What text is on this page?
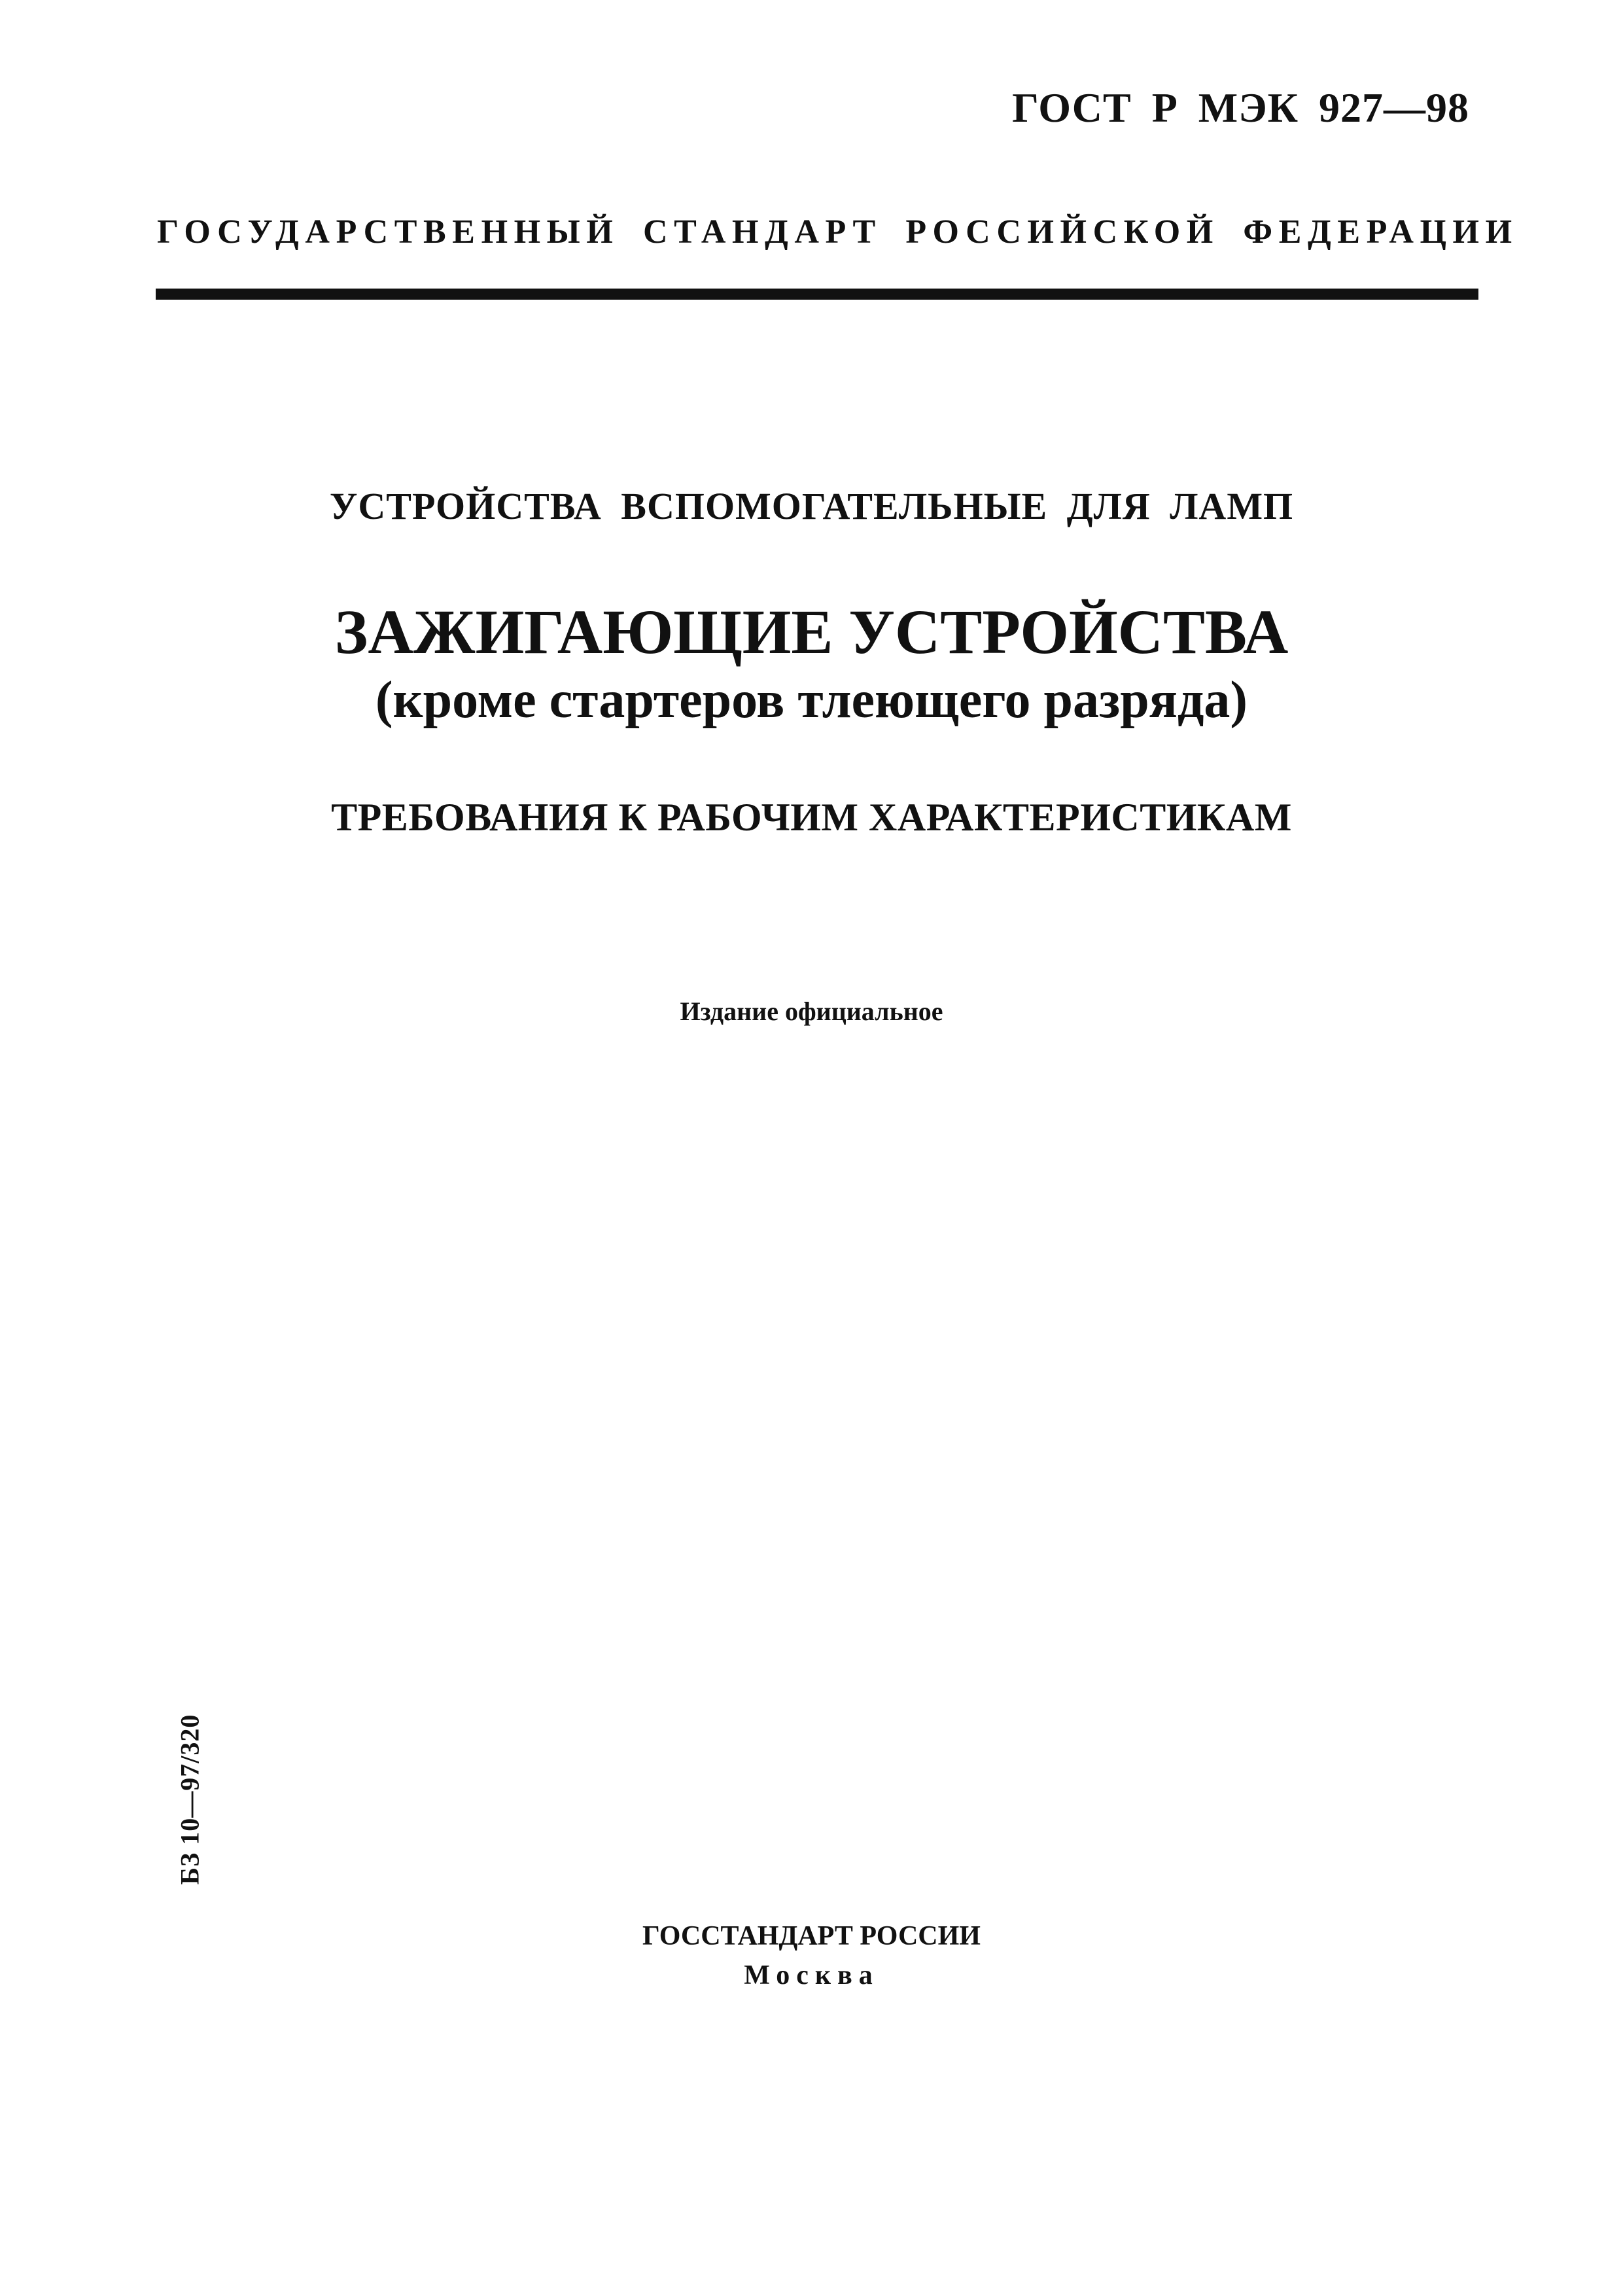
ГОСТ Р МЭК 927—98
ГОСУДАРСТВЕННЫЙ СТАНДАРТ РОССИЙСКОЙ ФЕДЕРАЦИИ
УСТРОЙСТВА ВСПОМОГАТЕЛЬНЫЕ ДЛЯ ЛАМП
ЗАЖИГАЮЩИЕ УСТРОЙСТВА
(кроме стартеров тлеющего разряда)
ТРЕБОВАНИЯ К РАБОЧИМ ХАРАКТЕРИСТИКАМ
Издание официальное
БЗ 10—97/320
ГОССТАНДАРТ РОССИИ
Москва
